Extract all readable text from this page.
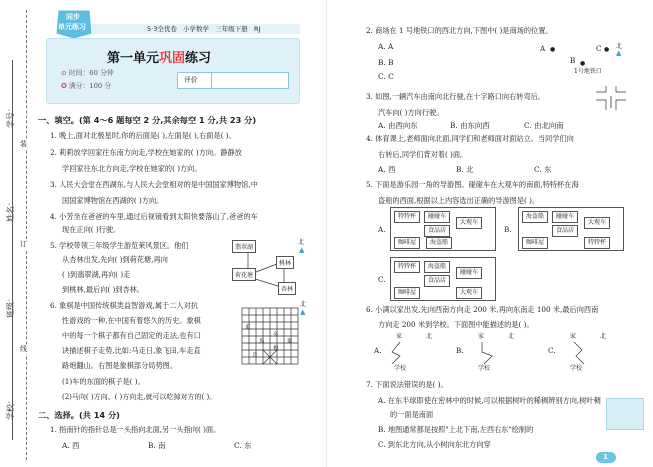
学号：
姓名：
班级：
学校：
线
订
装
同步
单元练习	5·3全优卷 小学数学 三年级下册 RJ
第一单元巩固练习
⊙ 时间：60 分钟
✪ 满分：100 分
评价
一、填空。(第 4～6 题每空 2 分,其余每空 1 分,共 23 分)
1. 晚上,面对北极星时,你的后面是( ),左面是( ),右面是( )。
2. 莉莉放学回家往东南方向走,学校在她家的( )方向。静静放
学回家往东北方向走,学校在她家的( )方向。
3. 人民大会堂在西湖东,与人民大会堂相对的是中国国家博物馆,中
国国家博物馆在西湖的( )方向。
4. 小芳坐在爸爸的车里,通过后视镜看到太阳快要落山了,爸爸的车
现在正向( )行驶。
5. 学校带领三年级学生游览莱风景区。他们
从杏林出发,先向( )到荷花塘,再向
( )到翡翠湖,再向( )走
到桃林,最后向( )到杏林。
翡翠湖
桃林
荷花塘
杏林
北
▲
6. 象棋是中国传统棋类益智游戏,属于二人对抗
性游戏的一种,在中国有着悠久的历史。象棋
中的每一个棋子都有自己固定的走法,也有口
诀描述棋子走势,比如:马走日,象飞田,车走直
路炮翻山。右图是象棋部分局势图。
(1)车的东面的棋子是( )。
(2)马向( )方向、( )方向走,就可以吃掉对方的( )。
北
▲
車
馬
卒
炮
象
兵
二、选择。(共 14 分)
1. 指南针的指针总是一头指向北面,另一头指向( )面。
A. 西	B. 南	C. 东
2. 商场在 1 号地铁口的西北方向,下图中( )是商场的位置。
A. A
B. B
C. C
A ●	C ●
B ●
1号地铁口
北
▲
3. 如图,一辆汽车由南向北行驶,在十字路口向右转弯后,
汽车向( )方向行驶。
A. 由西向东	B. 由东向西	C. 由北向南
4. 体育课上,老师面向北面,同学们和老师面对面站立。当同学们向
右转后,同学们背对着( )面。
A. 西	B. 北	C. 东
5. 下面是游乐园一角的导游图。碰碰车在大观车的南面,特特杯在海
盗船的西面,根据以上内容选出正确的导游图是( )。
A.
特特杯	碰碰车
大观车
食品店
咖啡屋	海盗船
B.
海盗船	碰碰车
大观车
食品店
咖啡屋	特特杯
C.
特特杯	海盗船
碰碰车
食品店
咖啡屋	大观车
6. 小满以家出发,先向西南方向走 200 米,再向东南走 100 米,最后向西南
方向走 200 米到学校。下面图中能描述的是( )。
A.
家	北
学校
B.
家	北
学校
C.
家	北
学校
7. 下面说法错误的是( )。
A. 在东半球即使在密林中的时候,可以根据树叶的稀稠辨别方向,树叶稠
的一面是南面
B. 地图通常都是按照"上北下南,左西右东"绘制的
C. 到东北方向,从小树向东北方向穿
1
